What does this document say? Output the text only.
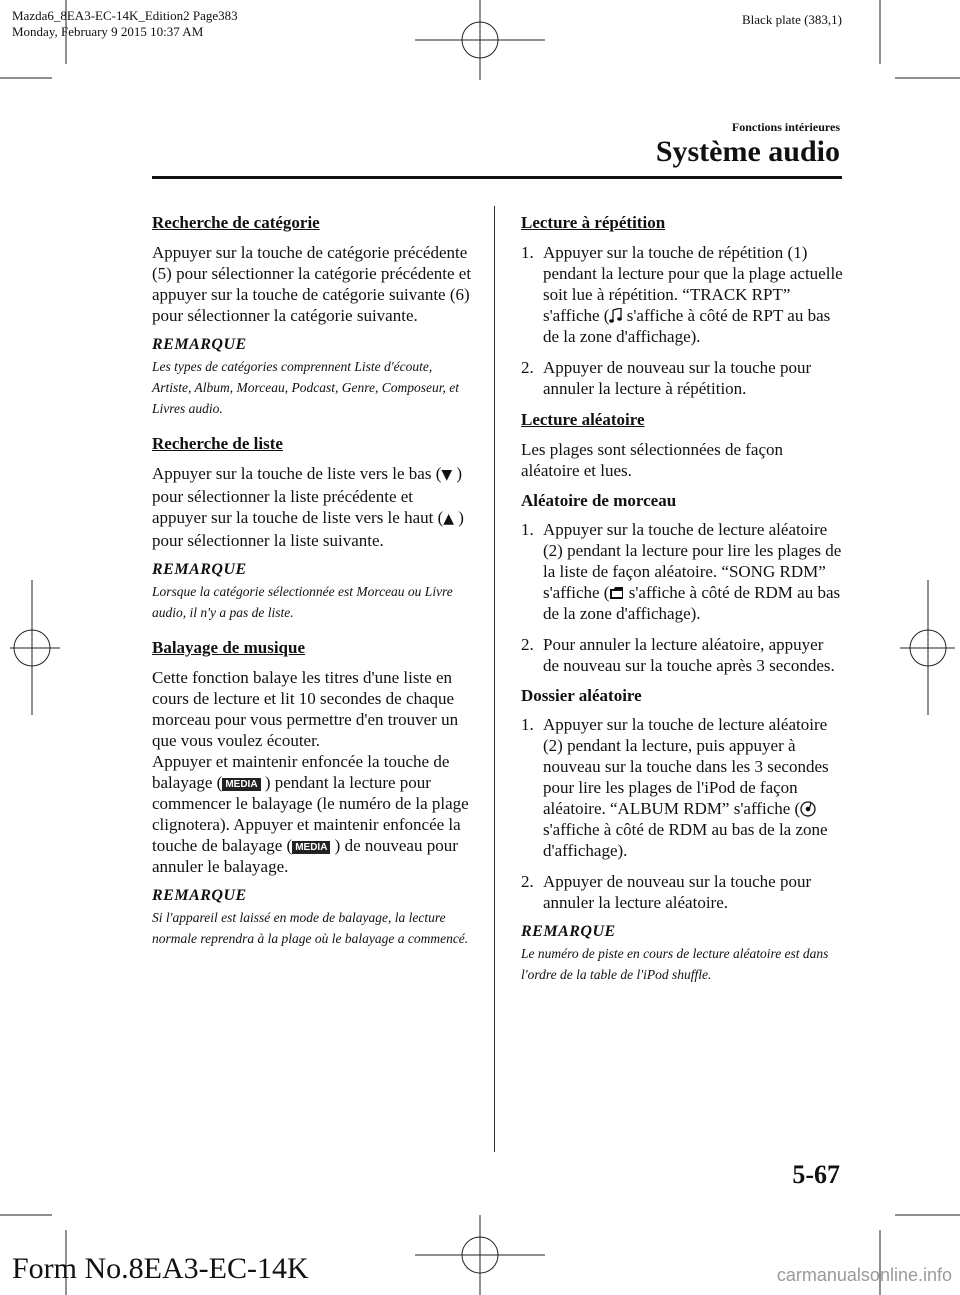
Mazda6_8EA3-EC-14K_Edition2 Page383
Monday, February 9 2015 10:37 AM
Black plate (383,1)
Fonctions intérieures
Système audio
Recherche de catégorie

Appuyer sur la touche de catégorie précédente (5) pour sélectionner la catégorie précédente et appuyer sur la touche de catégorie suivante (6) pour sélectionner la catégorie suivante.

REMARQUE
Les types de catégories comprennent Liste d'écoute, Artiste, Album, Morceau, Podcast, Genre, Composeur, et Livres audio.
Recherche de liste

Appuyer sur la touche de liste vers le bas (▼ ) pour sélectionner la liste précédente et appuyer sur la touche de liste vers le haut (▲ ) pour sélectionner la liste suivante.

REMARQUE
Lorsque la catégorie sélectionnée est Morceau ou Livre audio, il n'y a pas de liste.
Balayage de musique

Cette fonction balaye les titres d'une liste en cours de lecture et lit 10 secondes de chaque morceau pour vous permettre d'en trouver un que vous voulez écouter.

Appuyer et maintenir enfoncée la touche de balayage ( MEDIA ) pendant la lecture pour commencer le balayage (le numéro de la plage clignotera). Appuyer et maintenir enfoncée la touche de balayage ( MEDIA ) de nouveau pour annuler le balayage.

REMARQUE
Si l'appareil est laissé en mode de balayage, la lecture normale reprendra à la plage où le balayage a commencé.
Lecture à répétition
1. Appuyer sur la touche de répétition (1) pendant la lecture pour que la plage actuelle soit lue à répétition. “TRACK RPT” s'affiche ( s'affiche à côté de RPT au bas de la zone d'affichage).
2. Appuyer de nouveau sur la touche pour annuler la lecture à répétition.
Lecture aléatoire

Les plages sont sélectionnées de façon aléatoire et lues.

Aléatoire de morceau
1. Appuyer sur la touche de lecture aléatoire (2) pendant la lecture pour lire les plages de la liste de façon aléatoire. “SONG RDM” s'affiche ( s'affiche à côté de RDM au bas de la zone d'affichage).
2. Pour annuler la lecture aléatoire, appuyer de nouveau sur la touche après 3 secondes.
Dossier aléatoire
1. Appuyer sur la touche de lecture aléatoire (2) pendant la lecture, puis appuyer à nouveau sur la touche dans les 3 secondes pour lire les plages de l'iPod de façon aléatoire. “ALBUM RDM” s'affiche ( s'affiche à côté de RDM au bas de la zone d'affichage).
2. Appuyer de nouveau sur la touche pour annuler la lecture aléatoire.
REMARQUE
Le numéro de piste en cours de lecture aléatoire est dans l'ordre de la table de l'iPod shuffle.
5-67
Form No.8EA3-EC-14K	carmanualsonline.info
